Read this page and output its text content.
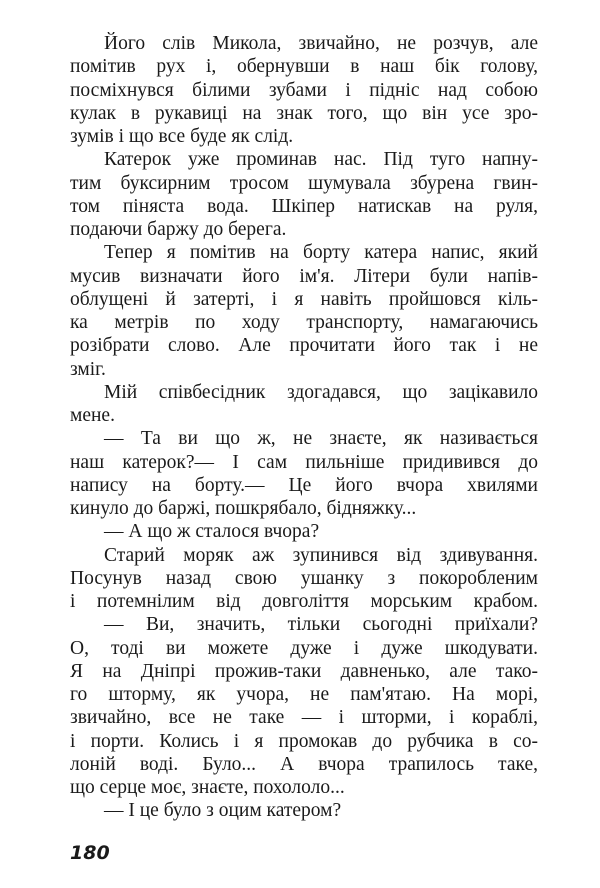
Його слів Микола, звичайно, не розчув, але
помітив рух і, обернувши в наш бік голову,
посміхнувся білими зубами і підніс над собою
кулак в рукавиці на знак того, що він усе зро-
зумів і що все буде як слід.
Катерок уже проминав нас. Під туго напну-
тим буксирним тросом шумувала збурена гвин-
том піняста вода. Шкіпер натискав на руля,
подаючи баржу до берега.
Тепер я помітив на борту катера напис, який
мусив визначати його ім'я. Літери були напів-
облущені й затерті, і я навіть пройшовся кіль-
ка метрів по ходу транспорту, намагаючись
розібрати слово. Але прочитати його так і не
зміг.
Мій співбесідник здогадався, що зацікавило
мене.
— Та ви що ж, не знаєте, як називається
наш катерок?— І сам пильніше придивився до
напису на борту.— Це його вчора хвилями
кинуло до баржі, пошкрябало, бідняжку...
— А що ж сталося вчора?
Старий моряк аж зупинився від здивування.
Посунув назад свою ушанку з покоробленим
і потемнілим від довголіття морським крабом.
— Ви, значить, тільки сьогодні приїхали?
О, тоді ви можете дуже і дуже шкодувати.
Я на Дніпрі прожив-таки давненько, але тако-
го шторму, як учора, не пам'ятаю. На морі,
звичайно, все не таке — і шторми, і кораблі,
і порти. Колись і я промокав до рубчика в со-
лоній воді. Було... А вчора трапилось таке,
що серце моє, знаєте, похололо...
— І це було з оцим катером?
180
